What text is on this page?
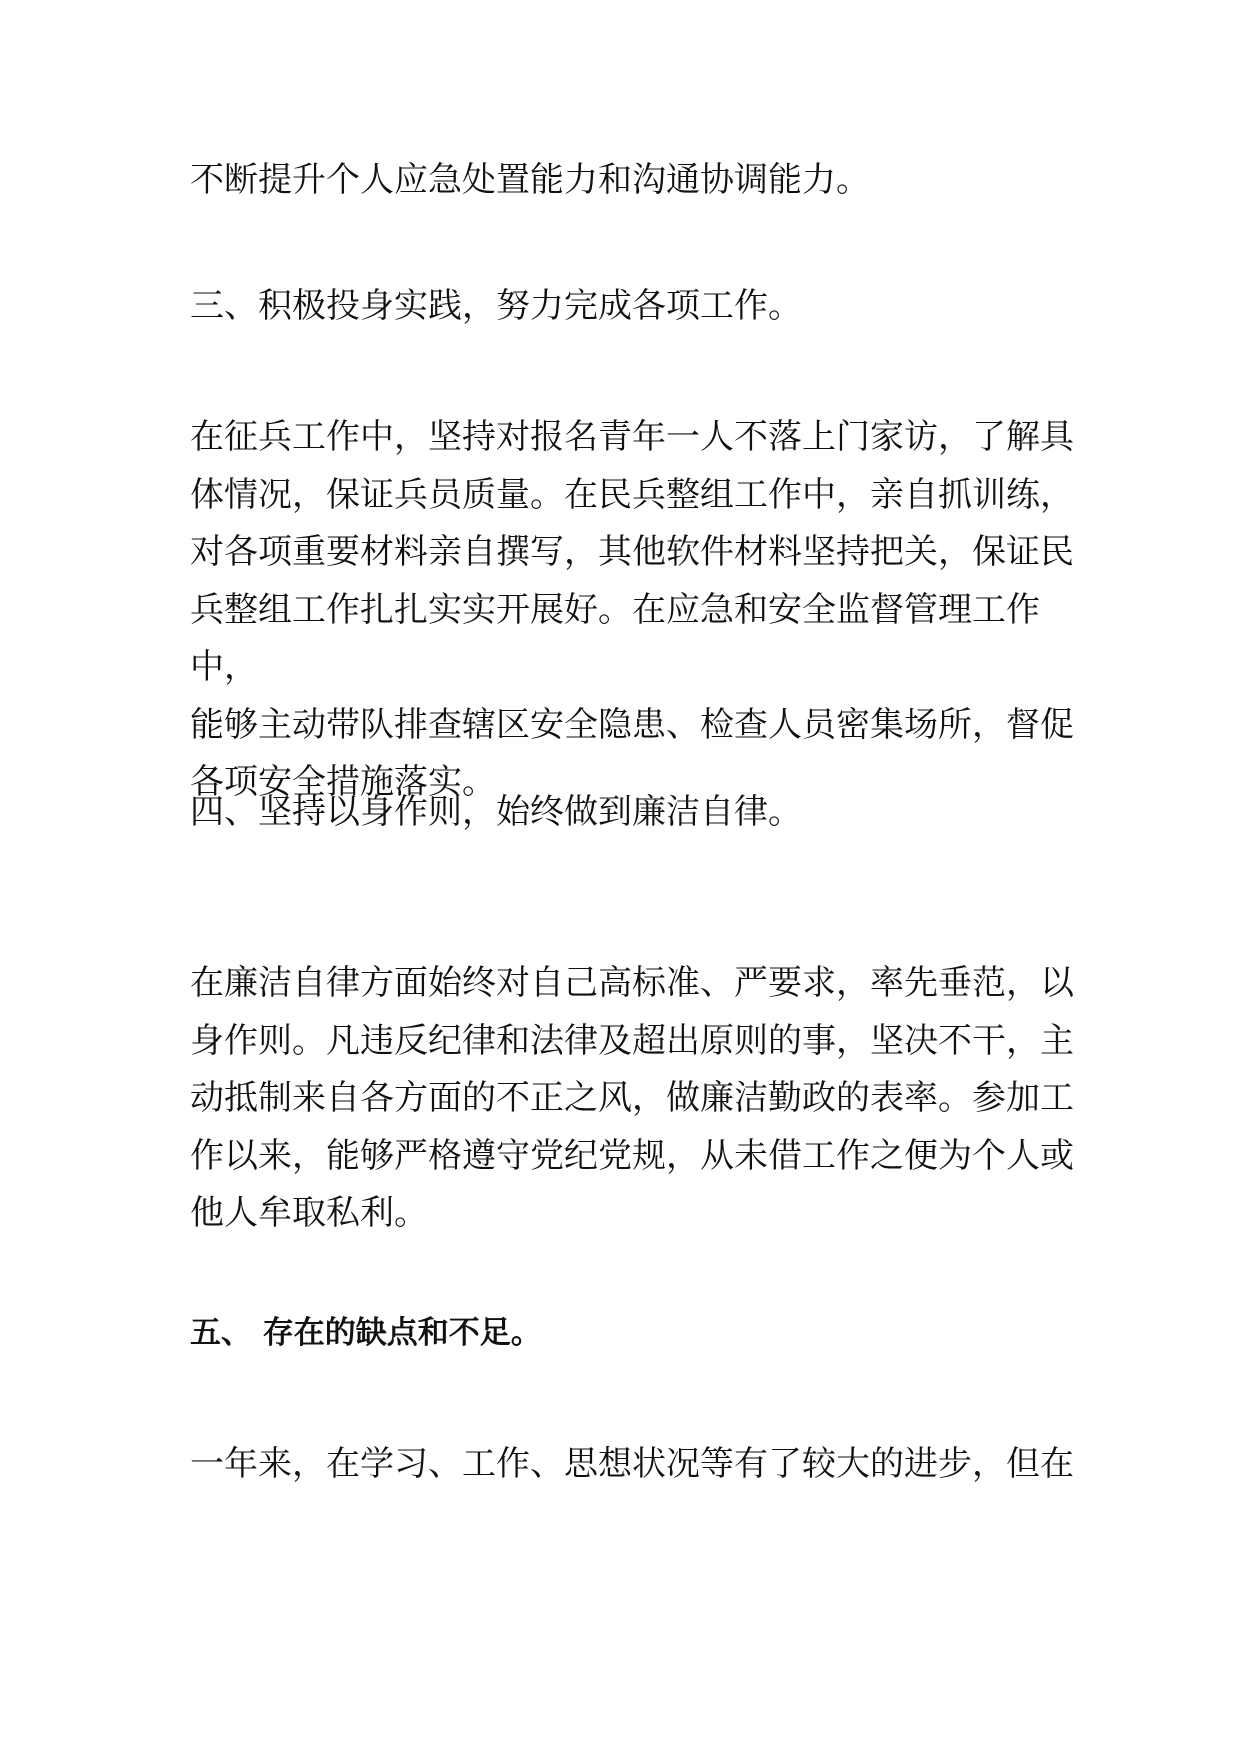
不断提升个人应急处置能力和沟通协调能力。

三、积极投身实践，努力完成各项工作。

在征兵工作中，坚持对报名青年一人不落上门家访，了解具
体情况，保证兵员质量。在民兵整组工作中，亲自抓训练，
对各项重要材料亲自撰写，其他软件材料坚持把关，保证民
兵整组工作扎扎实实开展好。在应急和安全监督管理工作中，
能够主动带队排查辖区安全隐患、检查人员密集场所，督促
各项安全措施落实。

四、坚持以身作则，始终做到廉洁自律。

在廉洁自律方面始终对自己高标准、严要求，率先垂范，以
身作则。凡违反纪律和法律及超出原则的事，坚决不干，主
动抵制来自各方面的不正之风，做廉洁勤政的表率。参加工
作以来，能够严格遵守党纪党规，从未借工作之便为个人或
他人牟取私利。

五、 存在的缺点和不足。

一年来，在学习、工作、思想状况等有了较大的进步，但在
